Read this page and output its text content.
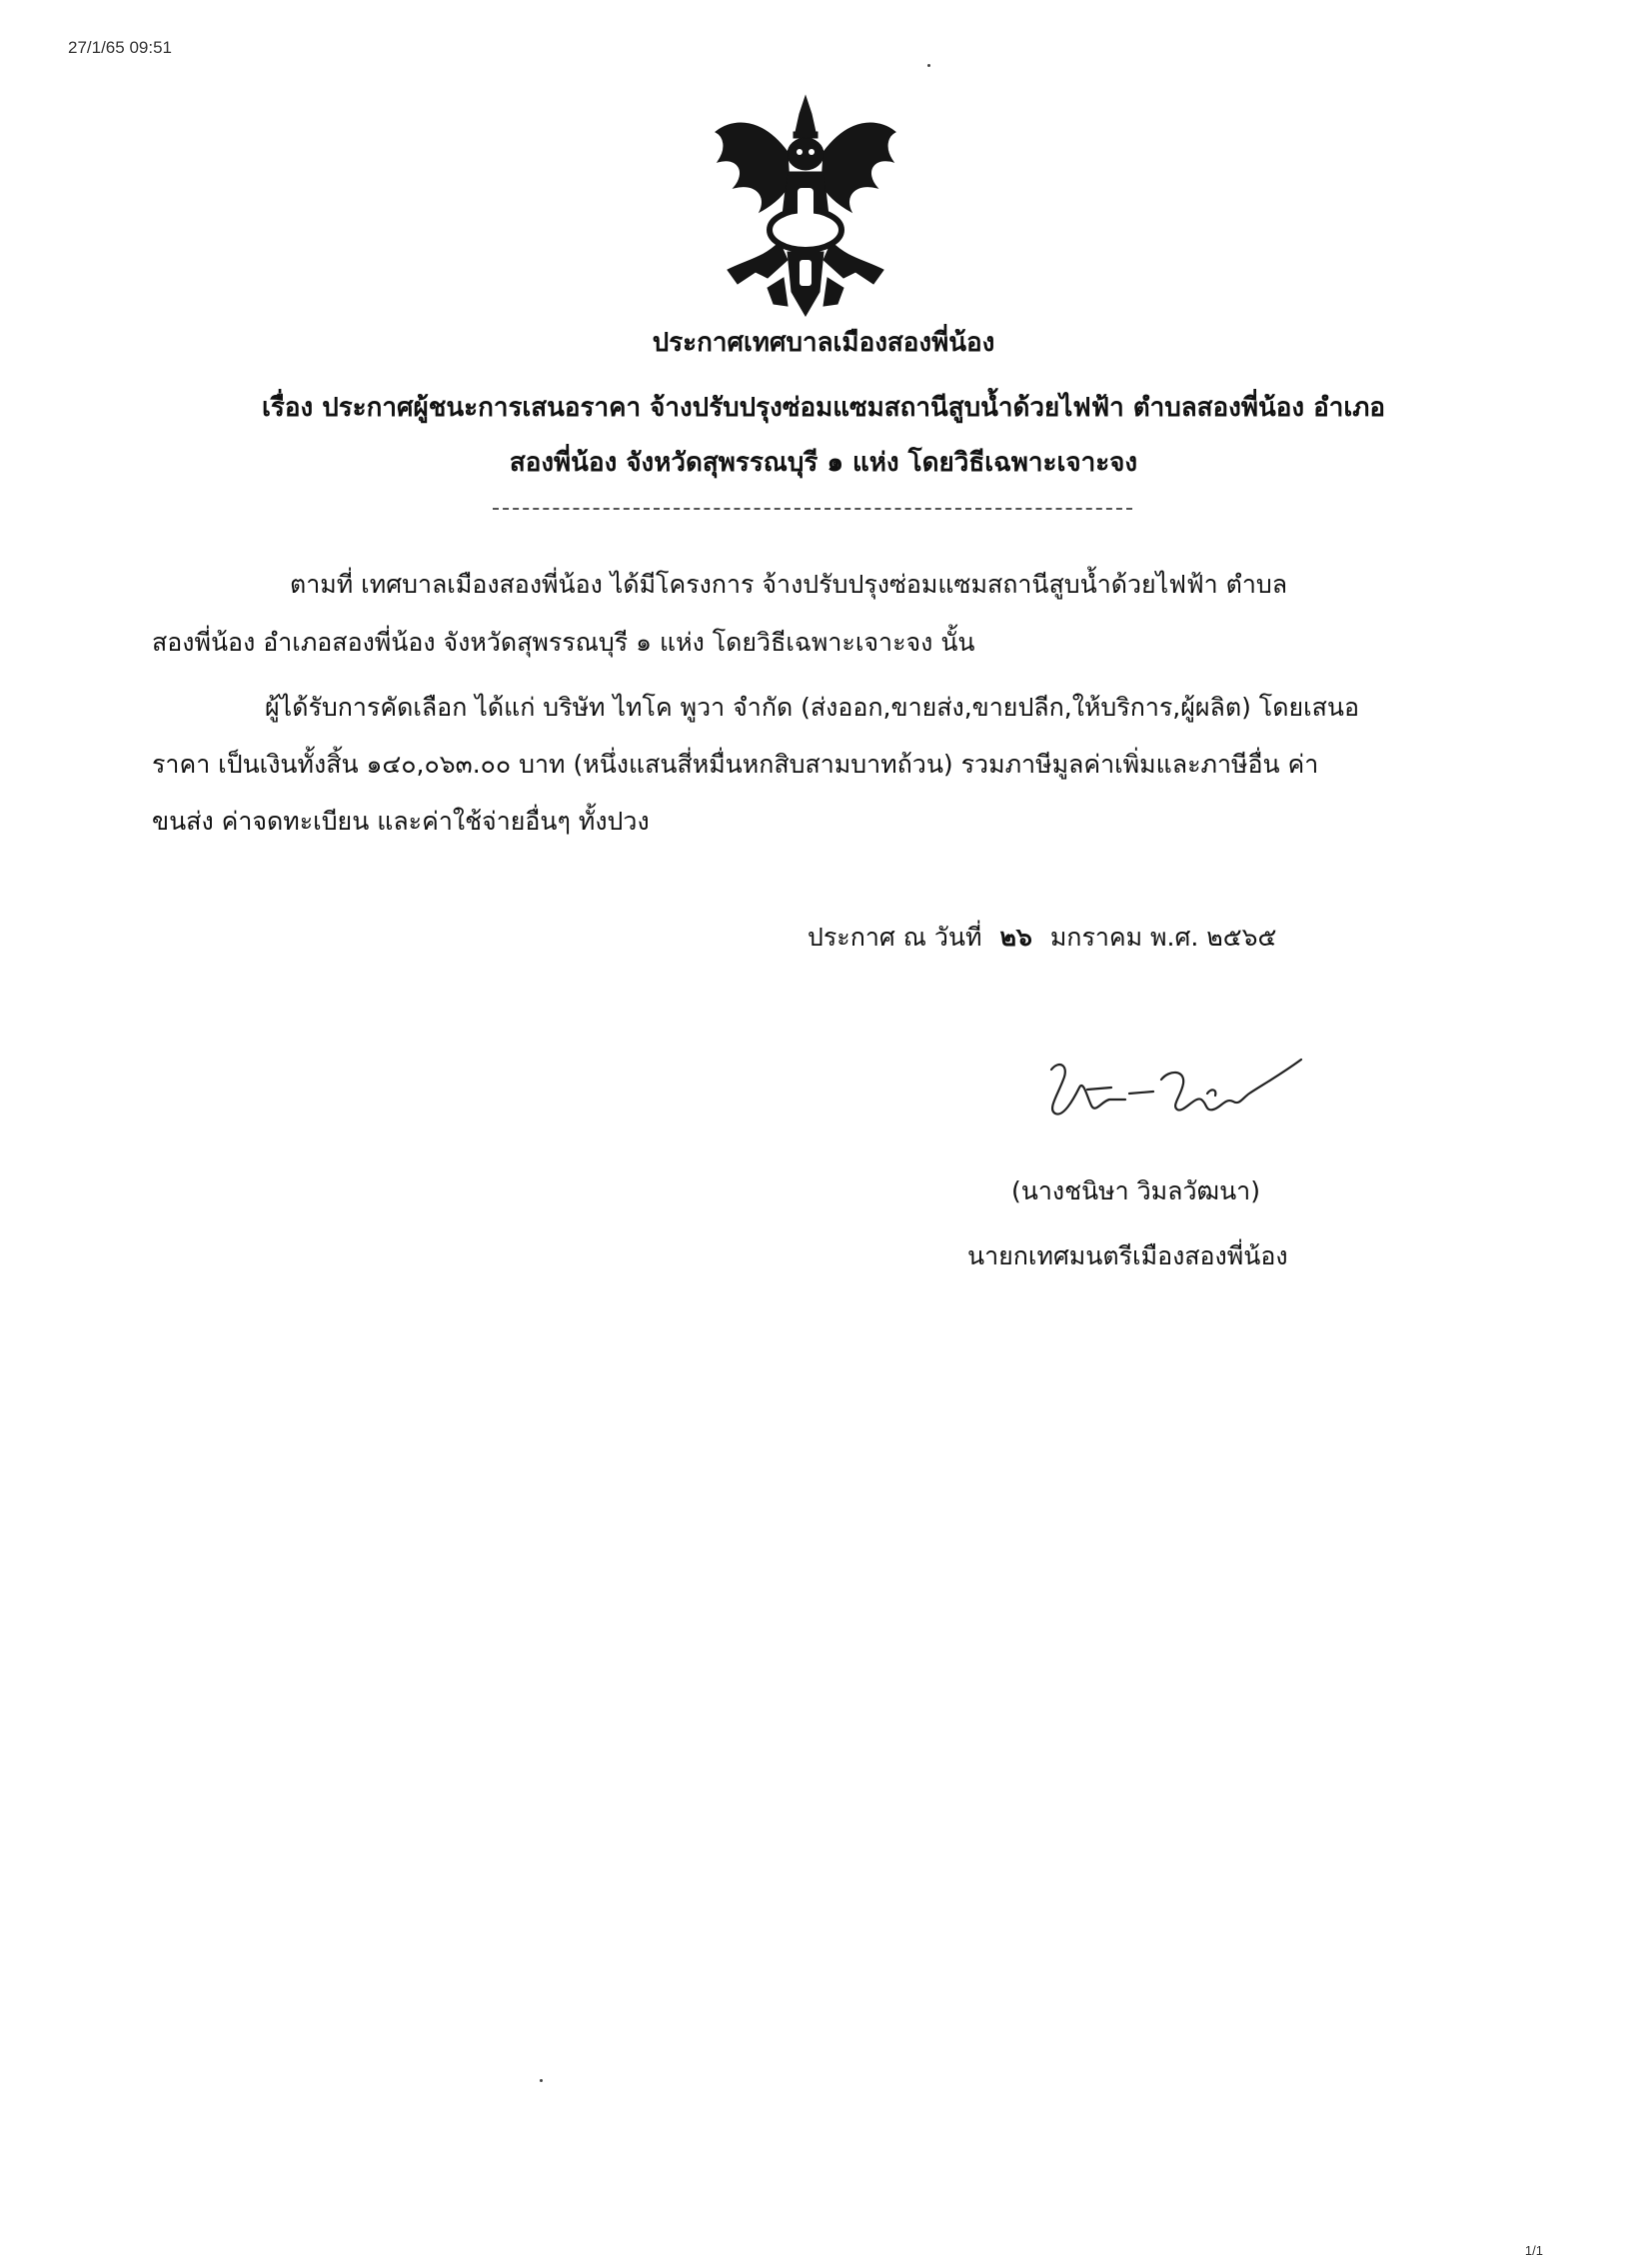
27/1/65 09:51
ประกาศเทศบาลเมืองสองพี่น้อง
เรื่อง ประกาศผู้ชนะการเสนอราคา จ้างปรับปรุงซ่อมแซมสถานีสูบน้ำด้วยไฟฟ้า ตำบลสองพี่น้อง อำเภอ
สองพี่น้อง จังหวัดสุพรรณบุรี ๑ แห่ง โดยวิธีเฉพาะเจาะจง
ตามที่ เทศบาลเมืองสองพี่น้อง ได้มีโครงการ จ้างปรับปรุงซ่อมแซมสถานีสูบน้ำด้วยไฟฟ้า ตำบล
สองพี่น้อง อำเภอสองพี่น้อง จังหวัดสุพรรณบุรี ๑ แห่ง โดยวิธีเฉพาะเจาะจง นั้น
ผู้ได้รับการคัดเลือก ได้แก่ บริษัท ไทโค พูวา จำกัด (ส่งออก,ขายส่ง,ขายปลีก,ให้บริการ,ผู้ผลิต) โดยเสนอ
ราคา เป็นเงินทั้งสิ้น ๑๔๐,๐๖๓.๐๐ บาท (หนึ่งแสนสี่หมื่นหกสิบสามบาทถ้วน) รวมภาษีมูลค่าเพิ่มและภาษีอื่น ค่า
ขนส่ง ค่าจดทะเบียน และค่าใช้จ่ายอื่นๆ ทั้งปวง
ประกาศ ณ วันที่ ๒๖ มกราคม พ.ศ. ๒๕๖๕
(นางชนิษา วิมลวัฒนา)
นายกเทศมนตรีเมืองสองพี่น้อง
1/1
